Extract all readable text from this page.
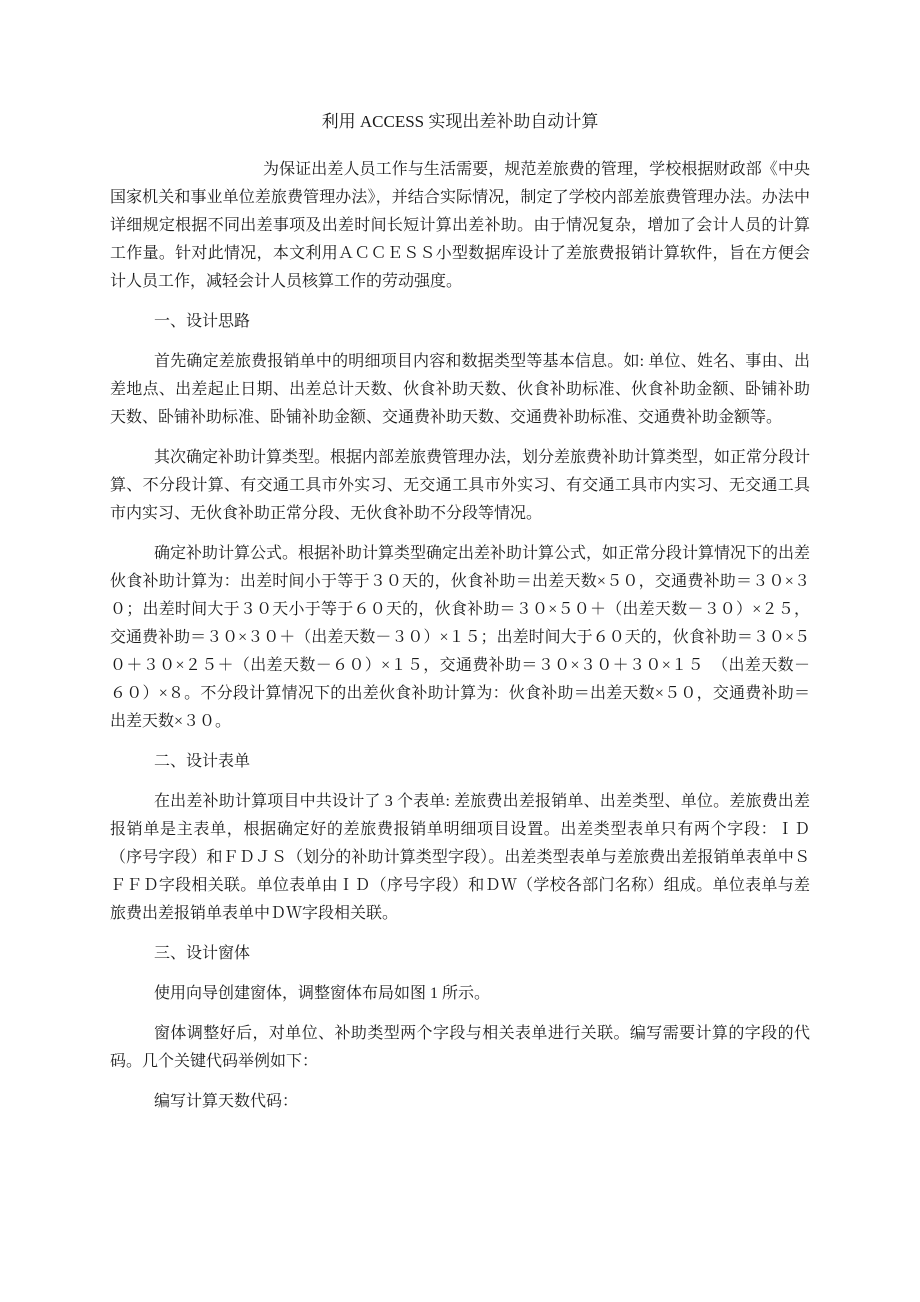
利用 ACCESS 实现出差补助自动计算

为保证出差人员工作与生活需要，规范差旅费的管理，学校根据财政部《中央国家机关和事业单位差旅费管理办法》，并结合实际情况，制定了学校内部差旅费管理办法。办法中详细规定根据不同出差事项及出差时间长短计算出差补助。由于情况复杂，增加了会计人员的计算工作量。针对此情况，本文利用ＡＣＣＥＳＳ小型数据库设计了差旅费报销计算软件，旨在方便会计人员工作，减轻会计人员核算工作的劳动强度。

一、设计思路

首先确定差旅费报销单中的明细项目内容和数据类型等基本信息。如: 单位、姓名、事由、出差地点、出差起止日期、出差总计天数、伙食补助天数、伙食补助标准、伙食补助金额、卧铺补助天数、卧铺补助标准、卧铺补助金额、交通费补助天数、交通费补助标准、交通费补助金额等。

其次确定补助计算类型。根据内部差旅费管理办法，划分差旅费补助计算类型，如正常分段计算、不分段计算、有交通工具市外实习、无交通工具市外实习、有交通工具市内实习、无交通工具市内实习、无伙食补助正常分段、无伙食补助不分段等情况。

确定补助计算公式。根据补助计算类型确定出差补助计算公式，如正常分段计算情况下的出差伙食补助计算为：出差时间小于等于３０天的，伙食补助＝出差天数×５０，交通费补助＝３０×３０；出差时间大于３０天小于等于６０天的，伙食补助＝３０×５０＋（出差天数－３０）×２５，交通费补助＝３０×３０＋（出差天数－３０）×１５；出差时间大于６０天的，伙食补助＝３０×５０＋３０×２５＋（出差天数－６０）×１５，交通费补助＝３０×３０＋３０×１５　（出差天数－６０）×８。不分段计算情况下的出差伙食补助计算为：伙食补助＝出差天数×５０，交通费补助＝出差天数×３０。

二、设计表单

在出差补助计算项目中共设计了 3 个表单: 差旅费出差报销单、出差类型、单位。差旅费出差报销单是主表单，根据确定好的差旅费报销单明细项目设置。出差类型表单只有两个字段：ＩＤ（序号字段）和ＦＤＪＳ（划分的补助计算类型字段）。出差类型表单与差旅费出差报销单表单中ＳＦＦＤ字段相关联。单位表单由ＩＤ（序号字段）和ＤＷ（学校各部门名称）组成。单位表单与差旅费出差报销单表单中ＤＷ字段相关联。

三、设计窗体

使用向导创建窗体，调整窗体布局如图 1 所示。

窗体调整好后，对单位、补助类型两个字段与相关表单进行关联。编写需要计算的字段的代码。几个关键代码举例如下：

编写计算天数代码：
